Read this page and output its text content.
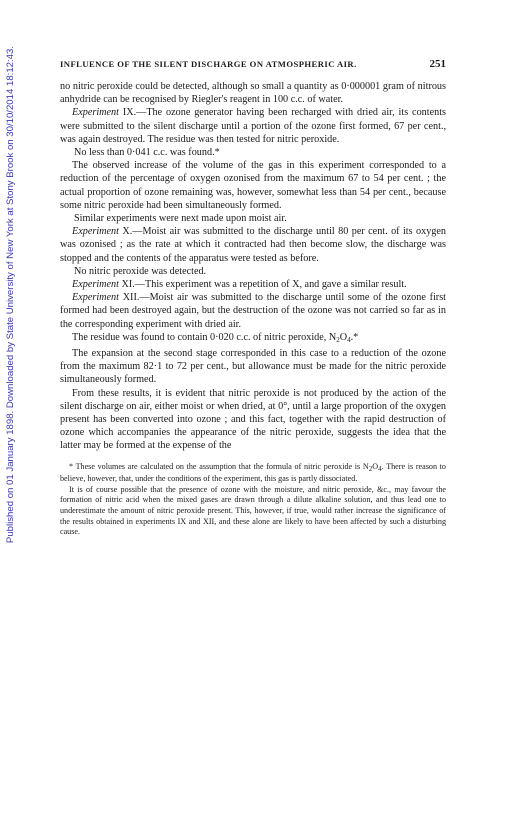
Published on 01 January 1898. Downloaded by State University of New York at Stony Brook on 30/10/2014 18:12:43.	INFLUENCE OF THE SILENT DISCHARGE ON ATMOSPHERIC AIR.	251

no nitric peroxide could be detected, although so small a quantity as 0·000001 gram of nitrous anhydride can be recognised by Riegler's reagent in 100 c.c. of water.

Experiment IX.—The ozone generator having been recharged with dried air, its contents were submitted to the silent discharge until a portion of the ozone first formed, 67 per cent., was again destroyed. The residue was then tested for nitric peroxide.

No less than 0·041 c.c. was found.*

The observed increase of the volume of the gas in this experiment corresponded to a reduction of the percentage of oxygen ozonised from the maximum 67 to 54 per cent. ; the actual proportion of ozone remaining was, however, somewhat less than 54 per cent., because some nitric peroxide had been simultaneously formed.

Similar experiments were next made upon moist air.

Experiment X.—Moist air was submitted to the discharge until 80 per cent. of its oxygen was ozonised ; as the rate at which it contracted had then become slow, the discharge was stopped and the contents of the apparatus were tested as before.

No nitric peroxide was detected.

Experiment XI.—This experiment was a repetition of X, and gave a similar result.

Experiment XII.—Moist air was submitted to the discharge until some of the ozone first formed had been destroyed again, but the destruction of the ozone was not carried so far as in the corresponding experiment with dried air.

The residue was found to contain 0·020 c.c. of nitric peroxide, $N_2O_4.*$

The expansion at the second stage corresponded in this case to a reduction of the ozone from the maximum 82·1 to 72 per cent., but allowance must be made for the nitric peroxide simultaneously formed.

From these results, it is evident that nitric peroxide is not produced by the action of the silent discharge on air, either moist or when dried, at 0°, until a large proportion of the oxygen present has been converted into ozone ; and this fact, together with the rapid destruction of ozone which accompanies the appearance of the nitric peroxide, suggests the idea that the latter may be formed at the expense of the

* These volumes are calculated on the assumption that the formula of nitric peroxide is N2O4. There is reason to believe, however, that, under the conditions of the experiment, this gas is partly dissociated.

It is of course possible that the presence of ozone with the moisture, and nitric peroxide, &c., may favour the formation of nitric acid when the mixed gases are drawn through a dilute alkaline solution, and thus lead one to underestimate the amount of nitric peroxide present. This, however, if true, would rather increase the significance of the results obtained in experiments IX and XII, and these alone are likely to have been affected by such a disturbing cause.
